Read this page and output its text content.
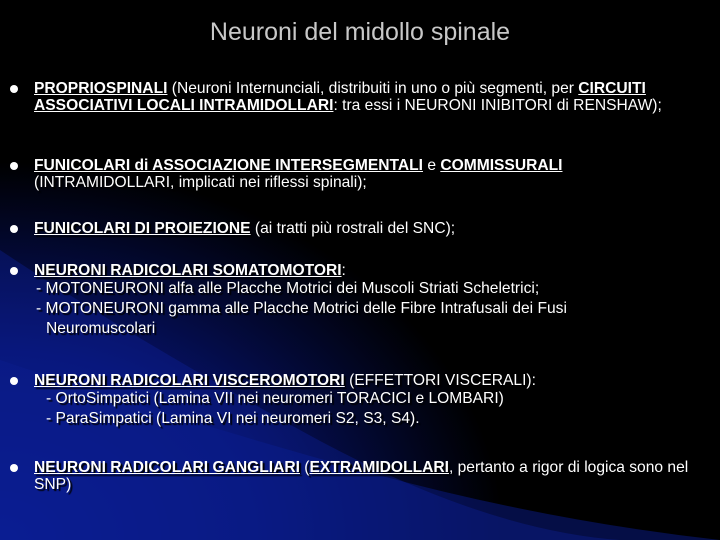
Neuroni del midollo spinale
PROPRIOSPINALI (Neuroni Internunciali, distribuiti in uno o più segmenti, per CIRCUITI ASSOCIATIVI LOCALI INTRAMIDOLLARI: tra essi i NEURONI INIBITORI di RENSHAW);
FUNICOLARI di ASSOCIAZIONE INTERSEGMENTALI e COMMISSURALI
(INTRAMIDOLLARI, implicati nei riflessi spinali);
FUNICOLARI DI PROIEZIONE (ai tratti più rostrali del SNC);
NEURONI RADICOLARI SOMATOMOTORI:
- MOTONEURONI alfa alle Placche Motrici dei Muscoli Striati Scheletrici;
- MOTONEURONI gamma alle Placche Motrici delle Fibre Intrafusali dei Fusi
Neuromuscolari
NEURONI RADICOLARI VISCEROMOTORI (EFFETTORI VISCERALI):
- OrtoSimpatici (Lamina VII nei neuromeri TORACICI e LOMBARI)
- ParaSimpatici (Lamina VI nei neuromeri S2, S3, S4).
NEURONI RADICOLARI GANGLIARI (EXTRAMIDOLLARI, pertanto a rigor di logica sono nel SNP)
